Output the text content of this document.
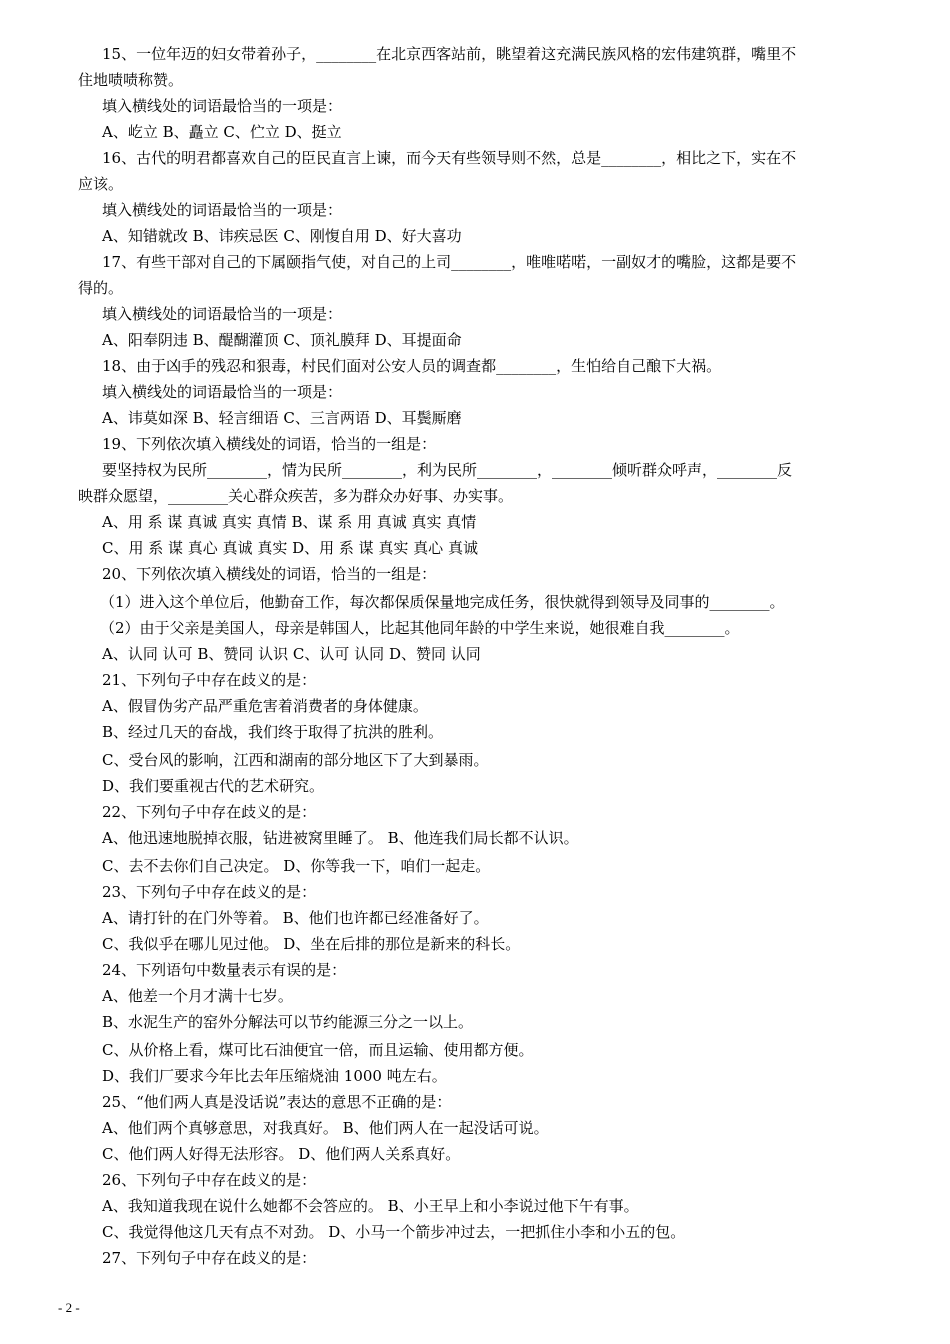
15、一位年迈的妇女带着孙子，________在北京西客站前，眺望着这充满民族风格的宏伟建筑群，嘴里不
住地啧啧称赞。
填入横线处的词语最恰当的一项是：
A、屹立 B、矗立 C、伫立 D、挺立
16、古代的明君都喜欢自己的臣民直言上谏，而今天有些领导则不然，总是________，相比之下，实在不
应该。
填入横线处的词语最恰当的一项是：
A、知错就改 B、讳疾忌医 C、刚愎自用 D、好大喜功
17、有些干部对自己的下属颐指气使，对自己的上司________，唯唯喏喏，一副奴才的嘴脸，这都是要不
得的。
填入横线处的词语最恰当的一项是：
A、阳奉阴违 B、醍醐灌顶 C、顶礼膜拜 D、耳提面命
18、由于凶手的残忍和狠毒，村民们面对公安人员的调查都________，生怕给自己酿下大祸。
填入横线处的词语最恰当的一项是：
A、讳莫如深 B、轻言细语 C、三言两语 D、耳鬓厮磨
19、下列依次填入横线处的词语，恰当的一组是：
要坚持权为民所________，情为民所________，利为民所________，________倾听群众呼声，________反
映群众愿望，________关心群众疾苦，多为群众办好事、办实事。
A、用 系 谋 真诚 真实 真情 B、谋 系 用 真诚 真实 真情
C、用 系 谋 真心 真诚 真实 D、用 系 谋 真实 真心 真诚
20、下列依次填入横线处的词语，恰当的一组是：
（1）进入这个单位后，他勤奋工作，每次都保质保量地完成任务，很快就得到领导及同事的________。
（2）由于父亲是美国人，母亲是韩国人，比起其他同年龄的中学生来说，她很难自我________。
A、认同 认可 B、赞同 认识 C、认可 认同 D、赞同 认同
21、下列句子中存在歧义的是：
A、假冒伪劣产品严重危害着消费者的身体健康。
B、经过几天的奋战，我们终于取得了抗洪的胜利。
C、受台风的影响，江西和湖南的部分地区下了大到暴雨。
D、我们要重视古代的艺术研究。
22、下列句子中存在歧义的是：
A、他迅速地脱掉衣服，钻进被窝里睡了。 B、他连我们局长都不认识。
C、去不去你们自己决定。 D、你等我一下，咱们一起走。
23、下列句子中存在歧义的是：
A、请打针的在门外等着。 B、他们也许都已经准备好了。
C、我似乎在哪儿见过他。 D、坐在后排的那位是新来的科长。
24、下列语句中数量表示有误的是：
A、他差一个月才满十七岁。
B、水泥生产的窑外分解法可以节约能源三分之一以上。
C、从价格上看，煤可比石油便宜一倍，而且运输、使用都方便。
D、我们厂要求今年比去年压缩烧油 1000 吨左右。
25、“他们两人真是没话说”表达的意思不正确的是：
A、他们两个真够意思，对我真好。 B、他们两人在一起没话可说。
C、他们两人好得无法形容。 D、他们两人关系真好。
26、下列句子中存在歧义的是：
A、我知道我现在说什么她都不会答应的。 B、小王早上和小李说过他下午有事。
C、我觉得他这几天有点不对劲。 D、小马一个箭步冲过去，一把抓住小李和小五的包。
27、下列句子中存在歧义的是：
- 2 -
